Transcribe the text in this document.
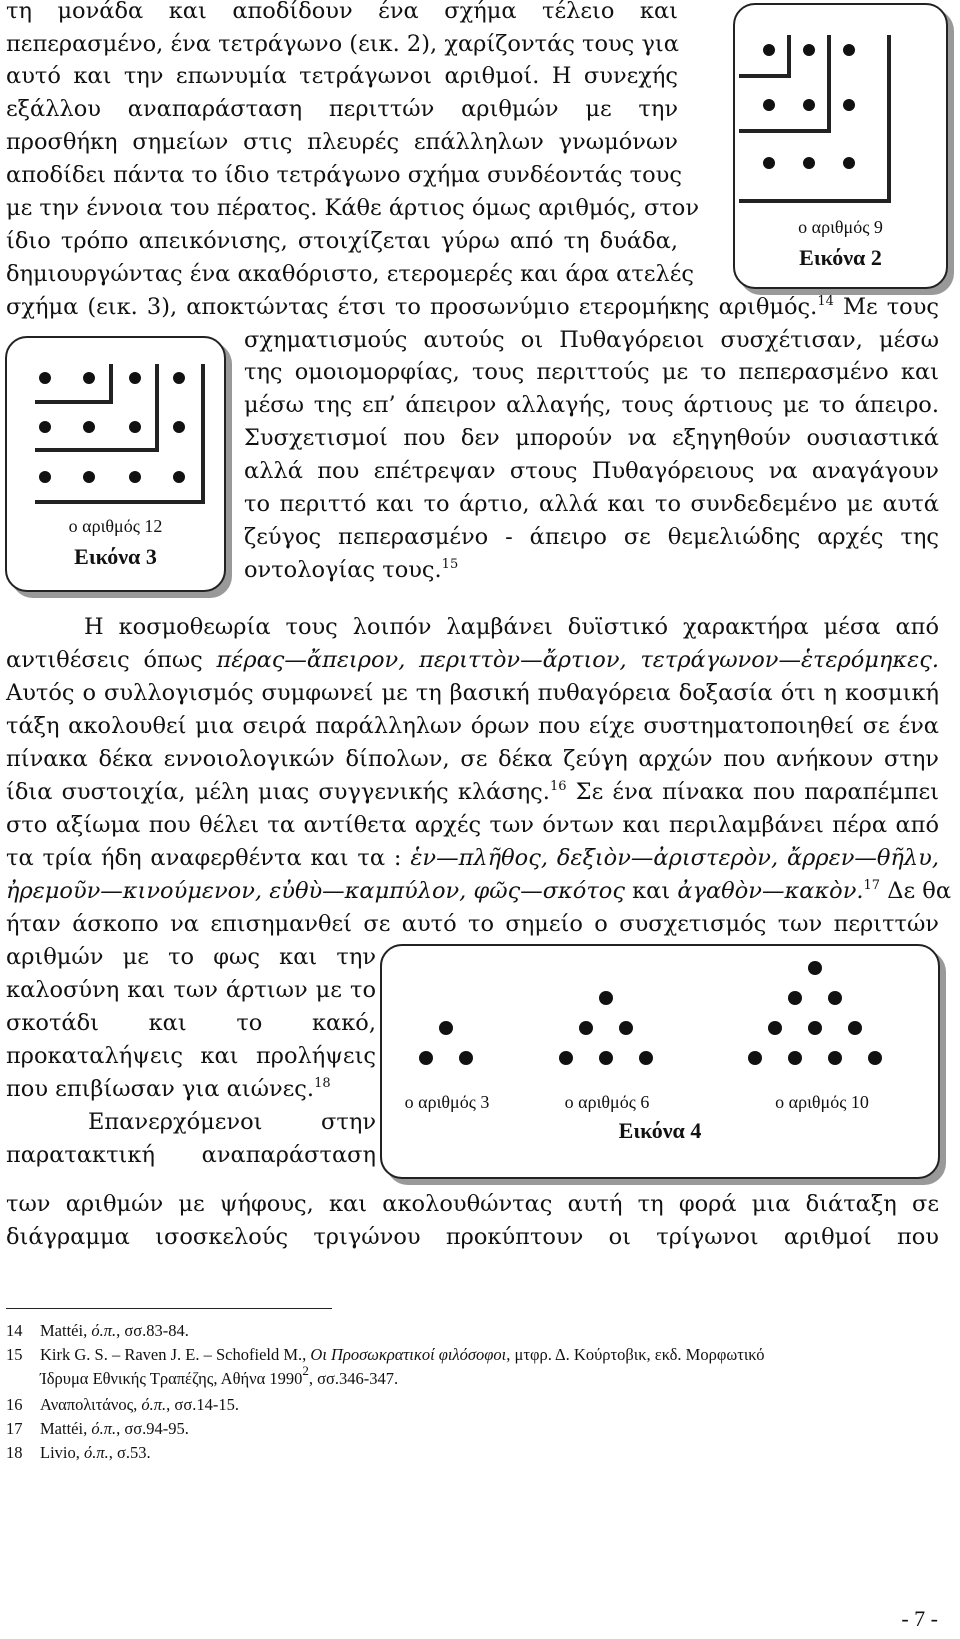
τη μονάδα και αποδίδουν ένα σχήμα τέλειο και
πεπερασμένο, ένα τετράγωνο (εικ. 2), χαρίζοντάς τους για
αυτό και την επωνυμία τετράγωνοι αριθμοί. Η συνεχής
εξάλλου αναπαράσταση περιττών αριθμών με την
προσθήκη σημείων στις πλευρές επάλληλων γνωμόνων
αποδίδει πάντα το ίδιο τετράγωνο σχήμα συνδέοντάς τους
με την έννοια του πέρατος. Κάθε άρτιος όμως αριθμός, στον
ίδιο τρόπο απεικόνισης, στοιχίζεται γύρω από τη δυάδα,
δημιουργώντας ένα ακαθόριστο, ετερομερές και άρα ατελές
σχήμα (εικ. 3), αποκτώντας έτσι το προσωνύμιο ετερομήκης αριθμός.$^{14}$ Με τους
σχηματισμούς αυτούς οι Πυθαγόρειοι συσχέτισαν, μέσω
της ομοιομορφίας, τους περιττούς με το πεπερασμένο και
μέσω της επ’ άπειρον αλλαγής, τους άρτιους με το άπειρο.
Συσχετισμοί που δεν μπορούν να εξηγηθούν ουσιαστικά
αλλά που επέτρεψαν στους Πυθαγόρειους να αναγάγουν
το περιττό και το άρτιο, αλλά και το συνδεδεμένο με αυτά
ζεύγος πεπερασμένο - άπειρο σε θεμελιώδης αρχές της
οντολογίας τους.$^{15}$
Η κοσμοθεωρία τους λοιπόν λαμβάνει δυϊστικό χαρακτήρα μέσα από
αντιθέσεις όπως πέρας—ἄπειρον, περιττὸν—ἄρτιον, τετράγωνον—ἑτερόμηκες.
Αυτός ο συλλογισμός συμφωνεί με τη βασική πυθαγόρεια δοξασία ότι η κοσμική
τάξη ακολουθεί μια σειρά παράλληλων όρων που είχε συστηματοποιηθεί σε ένα
πίνακα δέκα εννοιολογικών δίπολων, σε δέκα ζεύγη αρχών που ανήκουν στην
ίδια συστοιχία, μέλη μιας συγγενικής κλάσης.$^{16}$ Σε ένα πίνακα που παραπέμπει
στο αξίωμα που θέλει τα αντίθετα αρχές των όντων και περιλαμβάνει πέρα από
τα τρία ήδη αναφερθέντα και τα : ἑν—πλῆθος, δεξιὸν—ἀριστερὸν, ἄρρεν—θῆλυ,
ἠρεμοῦν—κινούμενον, εὐθὺ—καμπύλον, φῶς—σκότος και ἀγαθὸν—κακὸν.$^{17}$ Δε θα
ήταν άσκοπο να επισημανθεί σε αυτό το σημείο ο συσχετισμός των περιττών
αριθμών με το φως και την
καλοσύνη και των άρτιων με το
σκοτάδι και το κακό,
προκαταλήψεις και προλήψεις
που επιβίωσαν για αιώνες.$^{18}$
Επανερχόμενοι στην
παρατακτική αναπαράσταση
των αριθμών με ψήφους, και ακολουθώντας αυτή τη φορά μια διάταξη σε
διάγραμμα ισοσκελούς τριγώνου προκύπτουν οι τρίγωνοι αριθμοί που
ο αριθμός 9
Εικόνα 2
ο αριθμός 12
Εικόνα 3
ο αριθμός 3	ο αριθμός 6	ο αριθμός 10
Εικόνα 4
14 Mattéi, ό.π., σσ.83-84.
15 Kirk G. S. – Raven J. E. – Schofield M., Οι Προσωκρατικοί φιλόσοφοι, μτφρ. Δ. Κούρτοβικ, εκδ. Μορφωτικό
Ίδρυμα Εθνικής Τραπέζης, Αθήνα 1990$^2$, σσ.346-347.
16 Αναπολιτάνος, ό.π., σσ.14-15.
17 Mattéi, ό.π., σσ.94-95.
18 Livio, ό.π., σ.53.
- 7 -
